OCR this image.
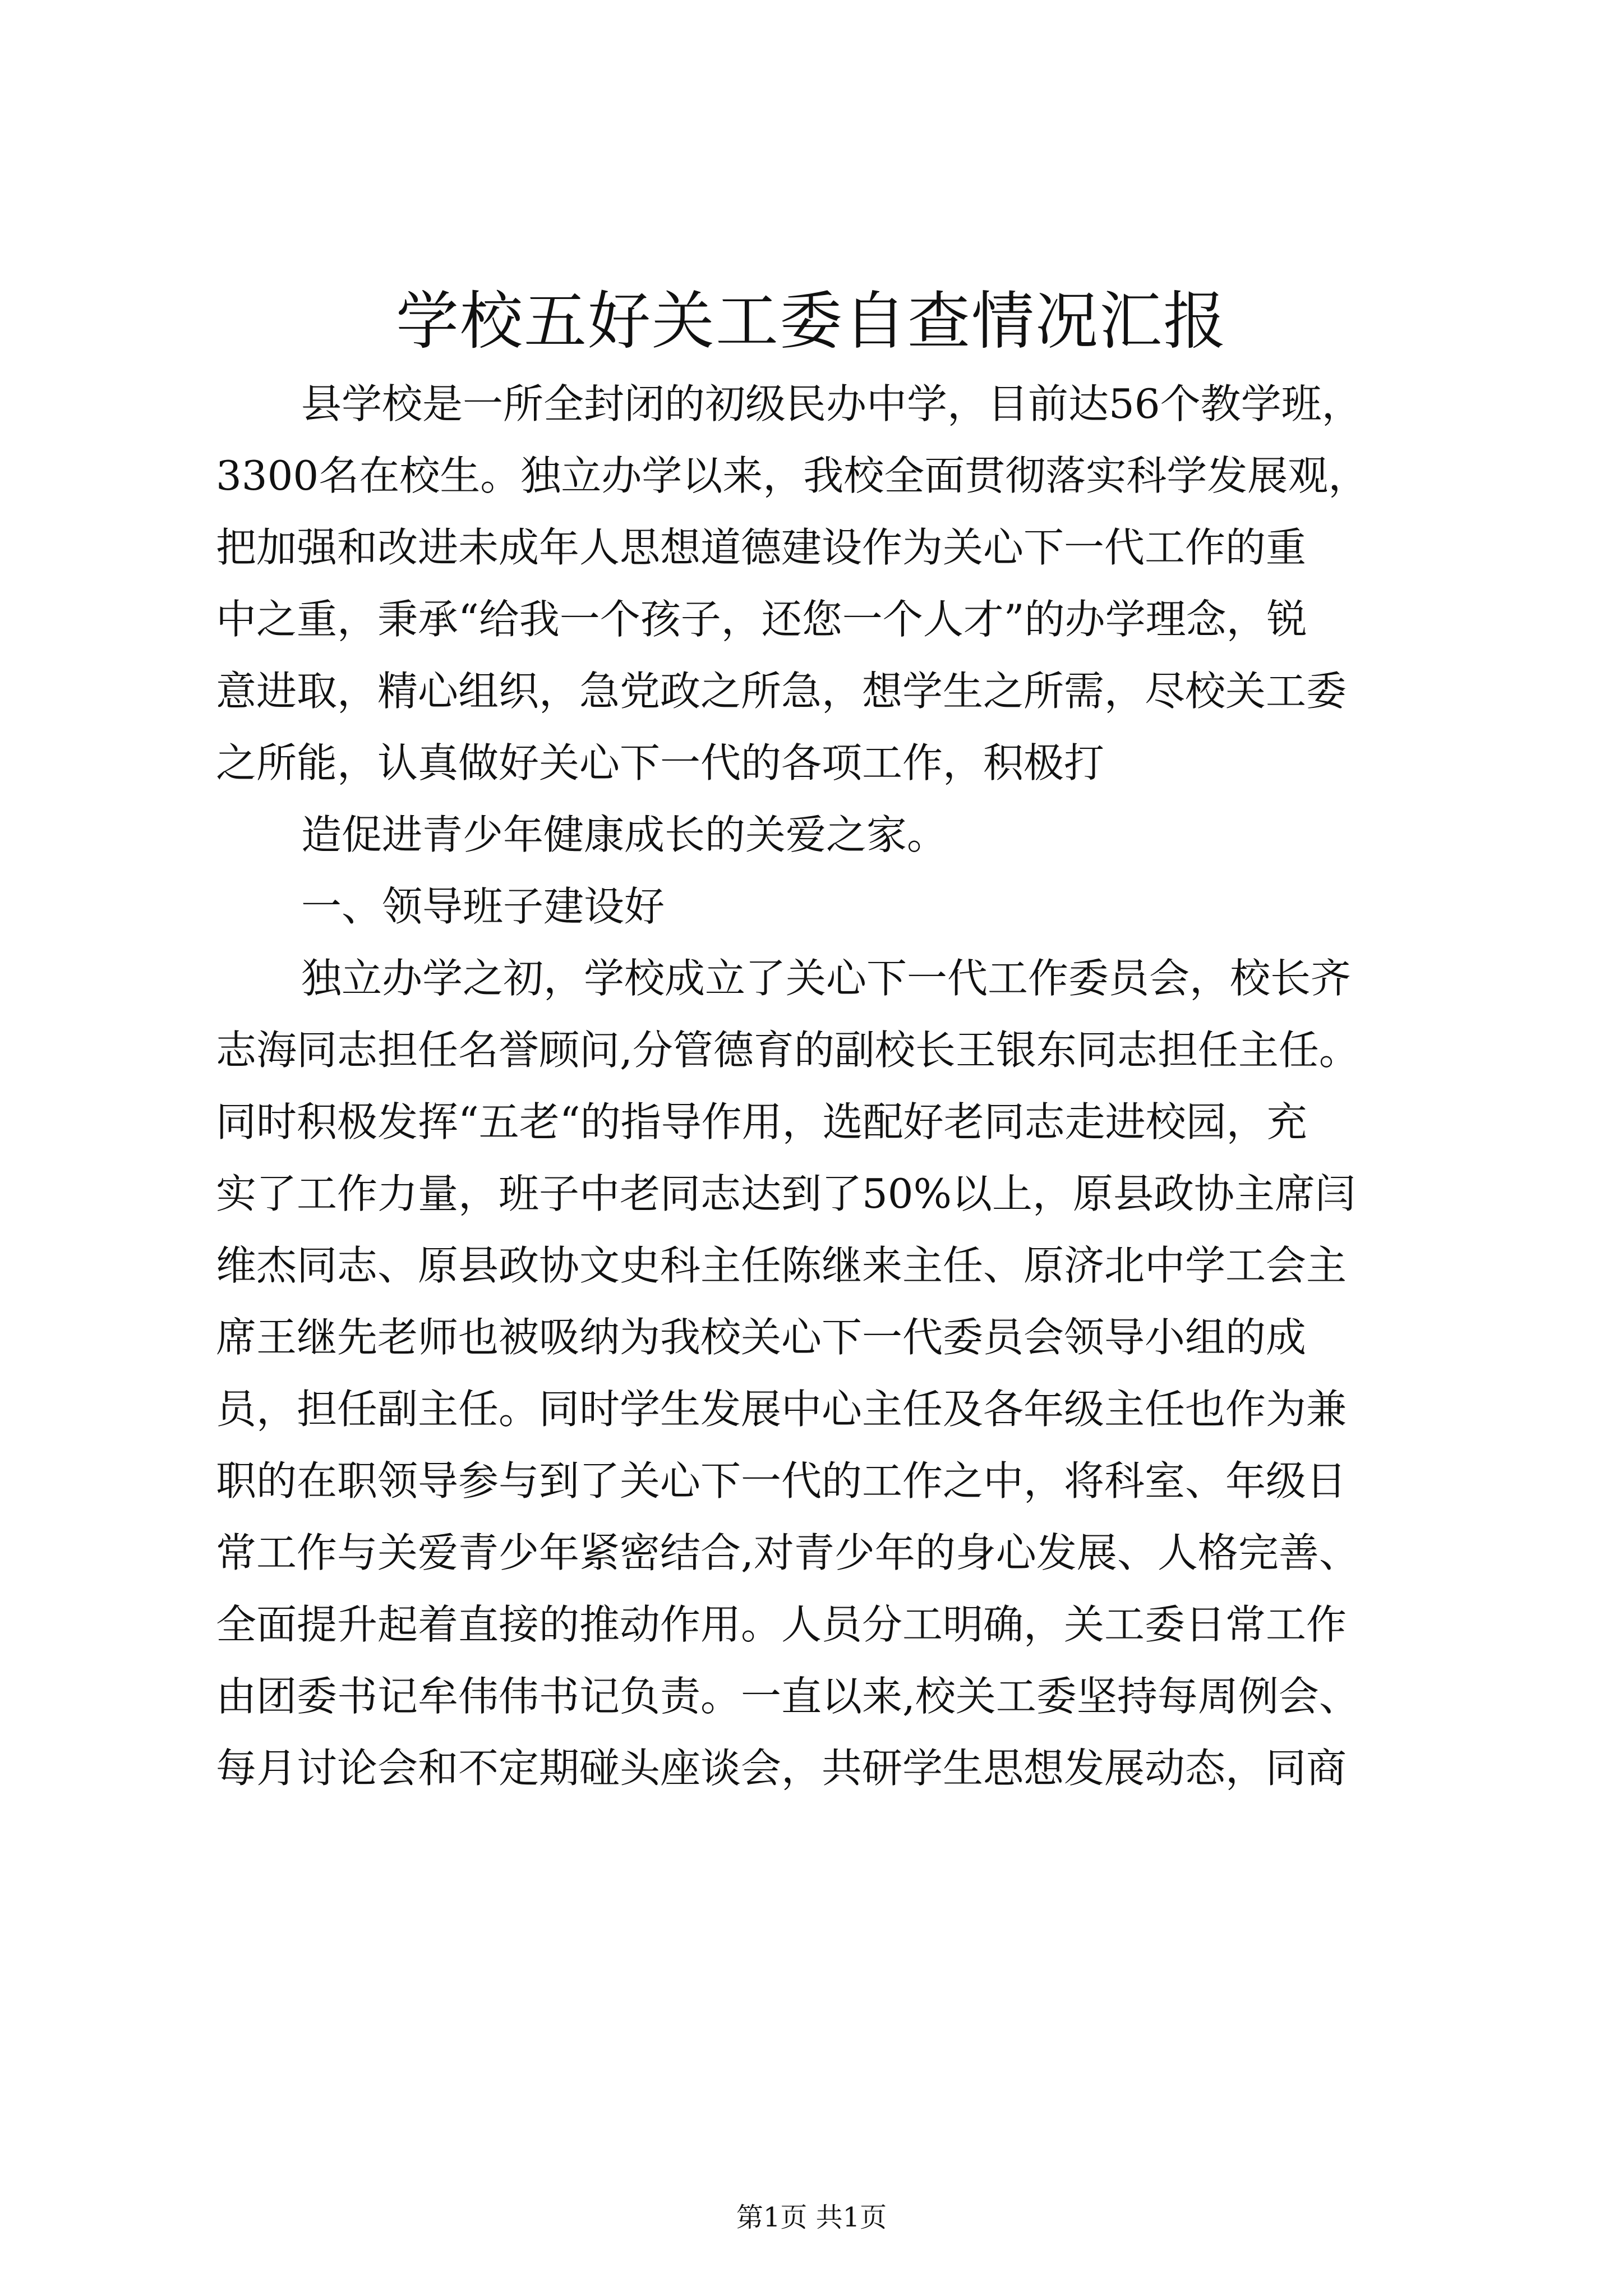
学校五好关工委自查情况汇报
县学校是一所全封闭的初级民办中学，目前达56个教学班，
3300名在校生。独立办学以来，我校全面贯彻落实科学发展观，
把加强和改进未成年人思想道德建设作为关心下一代工作的重
中之重，秉承“给我一个孩子，还您一个人才”的办学理念，锐
意进取，精心组织，急党政之所急，想学生之所需，尽校关工委
之所能，认真做好关心下一代的各项工作，积极打
造促进青少年健康成长的关爱之家。
一、领导班子建设好
独立办学之初，学校成立了关心下一代工作委员会，校长齐
志海同志担任名誉顾问,分管德育的副校长王银东同志担任主任。
同时积极发挥“五老“的指导作用，选配好老同志走进校园，充
实了工作力量，班子中老同志达到了50%以上，原县政协主席闫
维杰同志、原县政协文史科主任陈继来主任、原济北中学工会主
席王继先老师也被吸纳为我校关心下一代委员会领导小组的成
员，担任副主任。同时学生发展中心主任及各年级主任也作为兼
职的在职领导参与到了关心下一代的工作之中，将科室、年级日
常工作与关爱青少年紧密结合,对青少年的身心发展、人格完善、
全面提升起着直接的推动作用。人员分工明确，关工委日常工作
由团委书记牟伟伟书记负责。一直以来,校关工委坚持每周例会、
每月讨论会和不定期碰头座谈会，共研学生思想发展动态，同商
第1页 共1页
